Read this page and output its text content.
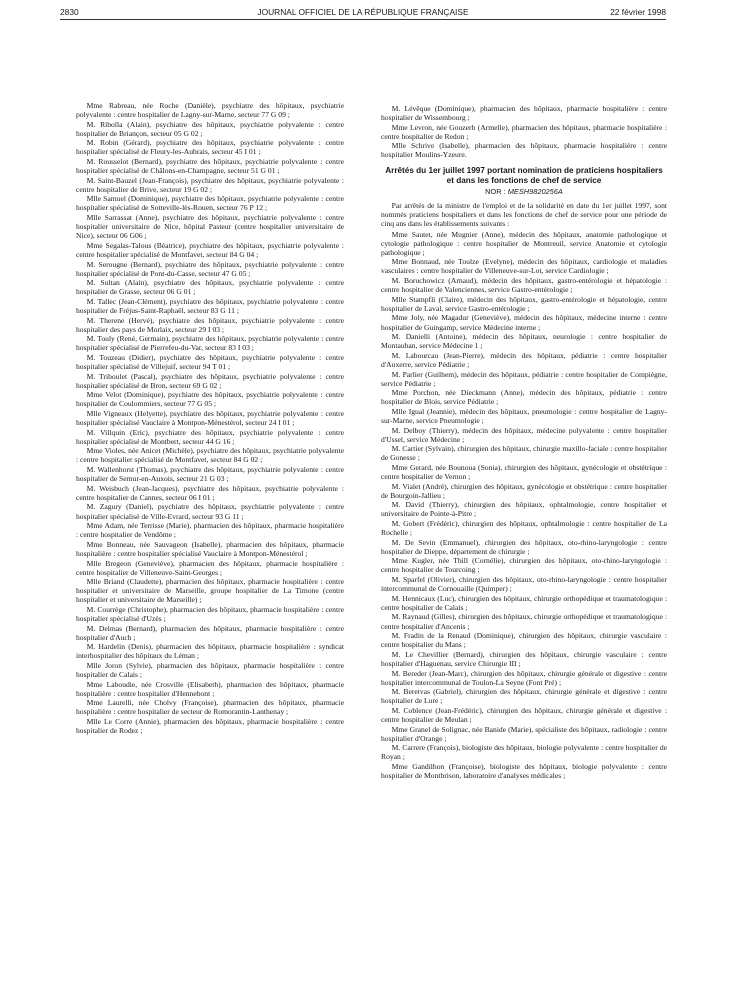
2830	JOURNAL OFFICIEL DE LA RÉPUBLIQUE FRANÇAISE	22 février 1998

Mme Rabreau, née Roche (Danièle), psychiatre des hôpitaux, psychiatrie polyvalente : centre hospitalier de Lagny-sur-Marne, secteur 77 G 09 ;

M. Ribolla (Alain), psychiatre des hôpitaux, psychiatrie polyvalente : centre hospitalier de Briançon, secteur 05 G 02 ;

M. Robin (Gérard), psychiatre des hôpitaux, psychiatrie polyvalente : centre hospitalier spécialisé de Fleury-les-Aubrais, secteur 45 I 01 ;

M. Rousselot (Bernard), psychiatre des hôpitaux, psychiatrie polyvalente : centre hospitalier spécialisé de Châlons-en-Champagne, secteur 51 G 01 ;

M. Saint-Bauzel (Jean-François), psychiatre des hôpitaux, psychiatrie polyvalente : centre hospitalier de Brive, secteur 19 G 02 ;

Mlle Samuel (Dominique), psychiatre des hôpitaux, psychiatrie polyvalente : centre hospitalier spécialisé de Sotteville-lès-Rouen, secteur 76 P 12 ;

Mlle Sarrassat (Anne), psychiatre des hôpitaux, psychiatrie polyvalente : centre hospitalier universitaire de Nice, hôpital Pasteur (centre hospitalier universitaire de Nice), secteur 06 G06 ;

Mme Segalas-Talous (Béatrice), psychiatre des hôpitaux, psychiatrie polyvalente : centre hospitalier spécialisé de Montfavet, secteur 84 G 04 ;

M. Serougne (Bernard), psychiatre des hôpitaux, psychiatrie polyvalente : centre hospitalier spécialisé de Pont-du-Casse, secteur 47 G 05 ;

M. Sultan (Alain), psychiatre des hôpitaux, psychiatrie polyvalente : centre hospitalier de Grasse, secteur 06 G 01 ;

M. Tallec (Jean-Clément), psychiatre des hôpitaux, psychiatrie polyvalente : centre hospitalier de Fréjus-Saint-Raphaël, secteur 83 G 11 ;

M. Therene (Hervé), psychiatre des hôpitaux, psychiatrie polyvalente : centre hospitalier des pays de Morlaix, secteur 29 I 03 ;

M. Touly (René, Germain), psychiatre des hôpitaux, psychiatrie polyvalente : centre hospitalier spécialisé de Pierrefeu-du-Var, secteur 83 I 03 ;

M. Touzeau (Didier), psychiatre des hôpitaux, psychiatrie polyvalente : centre hospitalier spécialisé de Villejuif, secteur 94 T 01 ;

M. Triboulet (Pascal), psychiatre des hôpitaux, psychiatrie polyvalente : centre hospitalier spécialisé de Bron, secteur 69 G 02 ;

Mme Velot (Dominique), psychiatre des hôpitaux, psychiatrie polyvalente : centre hospitalier de Coulommiers, secteur 77 G 05 ;

Mlle Vigneaux (Helyette), psychiatre des hôpitaux, psychiatrie polyvalente : centre hospitalier spécialisé Vauclaire à Montpon-Ménestérol, secteur 24 I 01 ;

M. Villquin (Eric), psychiatre des hôpitaux, psychiatrie polyvalente : centre hospitalier spécialisé de Montbert, secteur 44 G 16 ;

Mme Violes, née Anicet (Michèle), psychiatre des hôpitaux, psychiatrie polyvalente : centre hospitalier spécialisé de Montfavet, secteur 84 G 02 ;

M. Wallenhorst (Thomas), psychiatre des hôpitaux, psychiatrie polyvalente : centre hospitalier de Semur-en-Auxois, secteur 21 G 03 ;

M. Weisbuch (Jean-Jacques), psychiatre des hôpitaux, psychiatrie polyvalente : centre hospitalier de Cannes, secteur 06 I 01 ;

M. Zagury (Daniel), psychiatre des hôpitaux, psychiatrie polyvalente : centre hospitalier spécialisé de Ville-Evrard, secteur 93 G 11 ;

Mme Adam, née Terrisse (Marie), pharmacien des hôpitaux, pharmacie hospitalière : centre hospitalier de Vendôme ;

Mme Bonneau, née Sauvageon (Isabelle), pharmacien des hôpitaux, pharmacie hospitalière : centre hospitalier spécialisé Vauclaire à Montpon-Ménestérol ;

Mlle Bregeon (Geneviève), pharmacien des hôpitaux, pharmacie hospitalière : centre hospitalier de Villeneuve-Saint-Georges ;

Mlle Briand (Claudette), pharmacien des hôpitaux, pharmacie hospitalière : centre hospitalier et universitaire de Marseille, groupe hospitalier de La Timone (centre hospitalier et universitaire de Marseille) ;

M. Courrège (Christophe), pharmacien des hôpitaux, pharmacie hospitalière : centre hospitalier spécialisé d'Uzès ;

M. Delmas (Bernard), pharmacien des hôpitaux, pharmacie hospitalière : centre hospitalier d'Auch ;

M. Hardelin (Denis), pharmacien des hôpitaux, pharmacie hospitalière : syndicat interhospitalier des hôpitaux du Léman ;

Mlle Joron (Sylvie), pharmacien des hôpitaux, pharmacie hospitalière : centre hospitalier de Calais ;

Mme Laboudie, née Crosville (Elisabeth), pharmacien des hôpitaux, pharmacie hospitalière : centre hospitalier d'Hennebont ;

Mme Laurelli, née Cholvy (Françoise), pharmacien des hôpitaux, pharmacie hospitalière : centre hospitalier de secteur de Romorantin-Lanthenay ;

Mlle Le Corre (Annie), pharmacien des hôpitaux, pharmacie hospitalière : centre hospitalier de Rodez ;

M. Lévêque (Dominique), pharmacien des hôpitaux, pharmacie hospitalière : centre hospitalier de Wissembourg ;

Mme Levron, née Gouzerh (Armelle), pharmacien des hôpitaux, pharmacie hospitalière : centre hospitalier de Redon ;

Mlle Schrive (Isabelle), pharmacien des hôpitaux, pharmacie hospitalière : centre hospitalier Moulins-Yzeure.

Arrêtés du 1er juillet 1997 portant nomination de praticiens hospitaliers et dans les fonctions de chef de service
NOR : MESH9820256A

Par arrêtés de la ministre de l'emploi et de la solidarité en date du 1er juillet 1997, sont nommés praticiens hospitaliers et dans les fonctions de chef de service pour une période de cinq ans dans les établissements suivants :

Mme Sautet, née Mugnier (Anne), médecin des hôpitaux, anatomie pathologique et cytologie pathologique : centre hospitalier de Montreuil, service Anatomie et cytologie pathologique ;

Mme Bonnaud, née Toulze (Evelyne), médecin des hôpitaux, cardiologie et maladies vasculaires : centre hospitalier de Villeneuve-sur-Lot, service Cardiologie ;

M. Boruchowicz (Arnaud), médecin des hôpitaux, gastro-entérologie et hépatologie : centre hospitalier de Valenciennes, service Gastro-entérologie ;

Mlle Stampfli (Claire), médecin des hôpitaux, gastro-entérologie et hépatologie, centre hospitalier de Laval, service Gastro-entérologie ;

Mme Joly, née Magadur (Geneviève), médecin des hôpitaux, médecine interne : centre hospitalier de Guingamp, service Médecine interne ;

M. Danielli (Antoine), médecin des hôpitaux, neurologie : centre hospitalier de Montauban, service Médecine 1 ;

M. Labourcau (Jean-Pierre), médecin des hôpitaux, pédiatrie : centre hospitalier d'Auxerre, service Pédiatrie ;

M. Parlier (Guilhem), médecin des hôpitaux, pédiatrie : centre hospitalier de Compiègne, service Pédiatrie ;

Mme Porchon, née Dieckmann (Anne), médecin des hôpitaux, pédiatrie : centre hospitalier de Blois, service Pédiatrie ;

Mlle Igual (Jeannie), médecin des hôpitaux, pneumologie : centre hospitalier de Lagny-sur-Marne, service Pneumologie ;

M. Delboy (Thierry), médecin des hôpitaux, médecine polyvalente : centre hospitalier d'Ussel, service Médecine ;

M. Cartier (Sylvain), chirurgien des hôpitaux, chirurgie maxillo-faciale : centre hospitalier de Gonesse ;

Mme Gerard, née Bounoua (Sonia), chirurgien des hôpitaux, gynécologie et obstétrique : centre hospitalier de Vernon ;

M. Vialet (André), chirurgien des hôpitaux, gynécologie et obstétrique : centre hospitalier de Bourgoin-Jallieu ;

M. David (Thierry), chirurgien des hôpitaux, ophtalmologie, centre hospitalier et universitaire de Pointe-à-Pitre ;

M. Gobert (Frédéric), chirurgien des hôpitaux, ophtalmologie : centre hospitalier de La Rochelle ;

M. De Sevin (Emmanuel), chirurgien des hôpitaux, oto-rhino-laryngologie : centre hospitalier de Dieppe, département de chirurgie ;

Mme Kugler, née Thill (Cornélie), chirurgien des hôpitaux, oto-rhino-laryngologie : centre hospitalier de Tourcoing ;

M. Sparfel (Olivier), chirurgien des hôpitaux, oto-rhino-laryngologie : centre hospitalier intercommunal de Cornouaille (Quimper) ;

M. Hennicaux (Luc), chirurgien des hôpitaux, chirurgie orthopédique et traumatologique : centre hospitalier de Calais ;

M. Raynaud (Gilles), chirurgien des hôpitaux, chirurgie orthopédique et traumatologique : centre hospitalier d'Ancenis ;

M. Fradin de la Renaud (Dominique), chirurgien des hôpitaux, chirurgie vasculaire : centre hospitalier du Mans ;

M. Le Chevillier (Bernard), chirurgien des hôpitaux, chirurgie vasculaire : centre hospitalier d'Haguenau, service Chirurgie III ;

M. Bereder (Jean-Marc), chirurgien des hôpitaux, chirurgie générale et digestive : centre hospitalier intercommunal de Toulon-La Seyne (Font Pré) ;

M. Beretvas (Gabriel), chirurgien des hôpitaux, chirurgie générale et digestive : centre hospitalier de Lure ;

M. Coblence (Jean-Frédéric), chirurgien des hôpitaux, chirurgie générale et digestive : centre hospitalier de Meulan ;

Mme Granel de Solignac, née Banide (Marie), spécialiste des hôpitaux, radiologie : centre hospitalier d'Orange ;

M. Carrere (François), biologiste des hôpitaux, biologie polyvalente : centre hospitalier de Royan ;

Mme Gandilhon (Françoise), biologiste des hôpitaux, biologie polyvalente : centre hospitalier de Montbrison, laboratoire d'analyses médicales ;
